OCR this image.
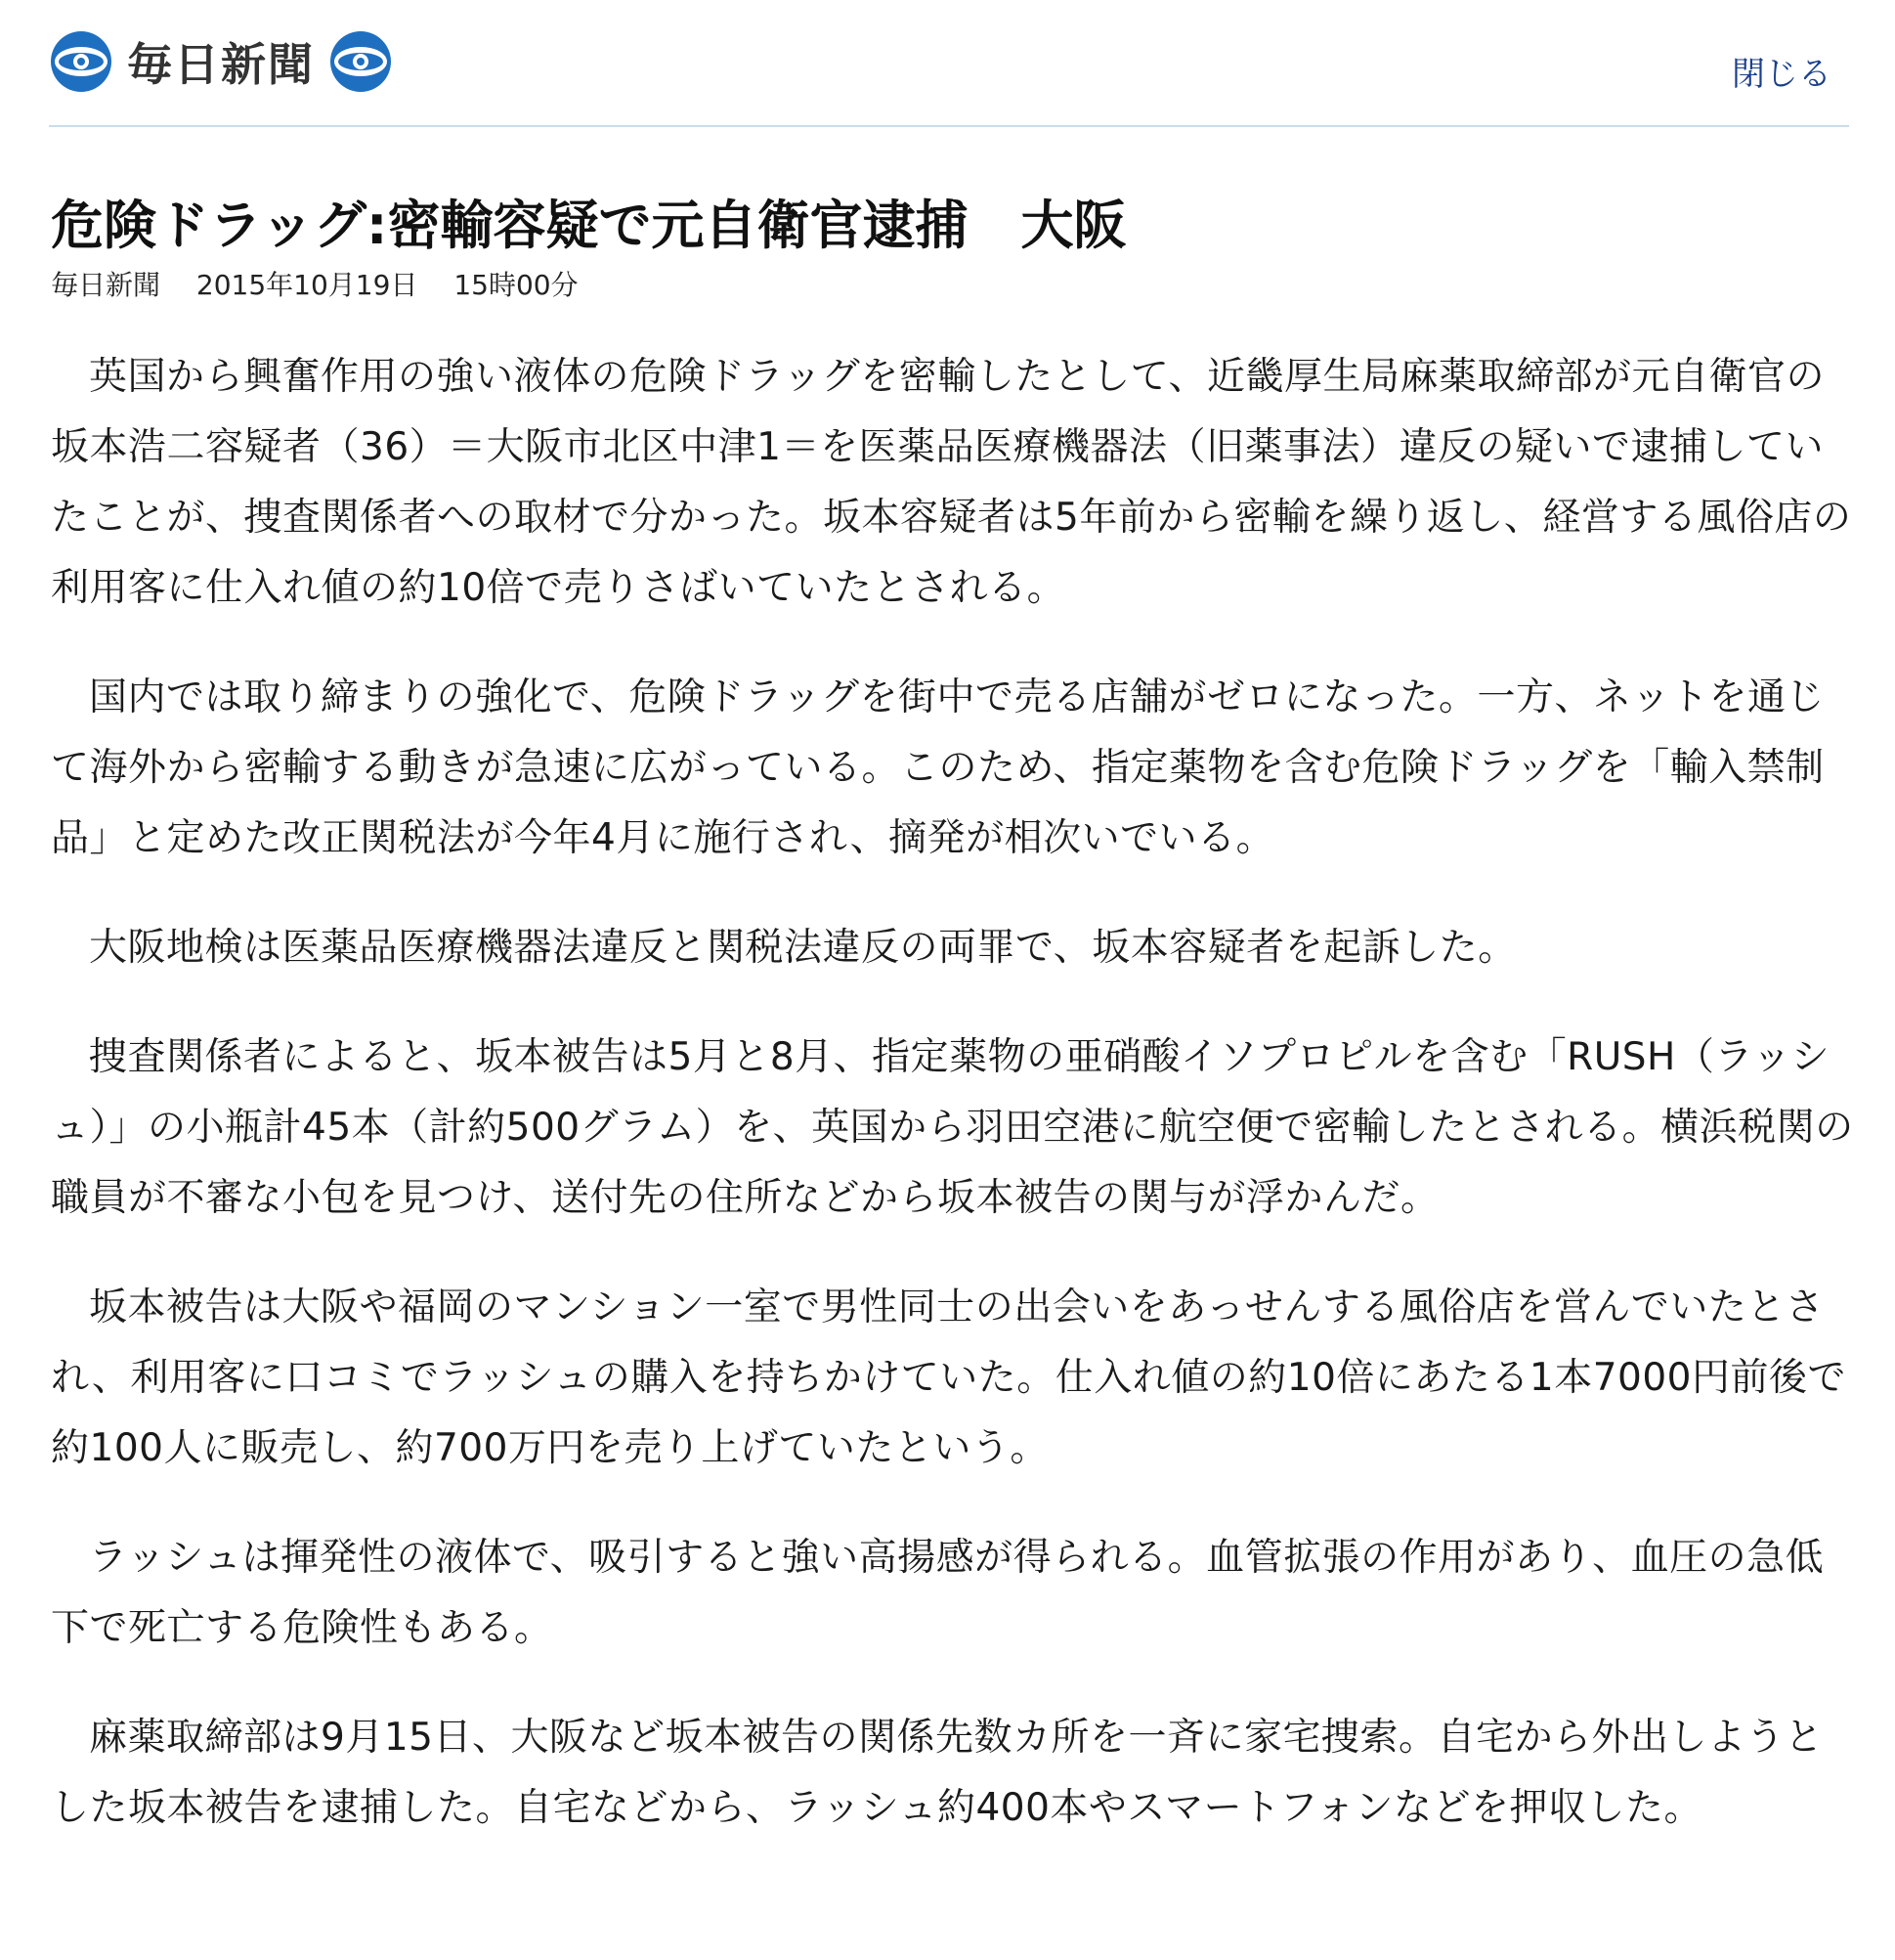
毎日新聞	閉じる
危険ドラッグ:密輸容疑で元自衛官逮捕　大阪
毎日新聞 2015年10月19日 15時00分

英国から興奮作用の強い液体の危険ドラッグを密輸したとして、近畿厚生局麻薬取締部が元自衛官の坂本浩二容疑者（36）＝大阪市北区中津1＝を医薬品医療機器法（旧薬事法）違反の疑いで逮捕していたことが、捜査関係者への取材で分かった。坂本容疑者は5年前から密輸を繰り返し、経営する風俗店の利用客に仕入れ値の約10倍で売りさばいていたとされる。

国内では取り締まりの強化で、危険ドラッグを街中で売る店舗がゼロになった。一方、ネットを通じて海外から密輸する動きが急速に広がっている。このため、指定薬物を含む危険ドラッグを「輸入禁制品」と定めた改正関税法が今年4月に施行され、摘発が相次いでいる。

大阪地検は医薬品医療機器法違反と関税法違反の両罪で、坂本容疑者を起訴した。

捜査関係者によると、坂本被告は5月と8月、指定薬物の亜硝酸イソプロピルを含む「RUSH（ラッシュ）」の小瓶計45本（計約500グラム）を、英国から羽田空港に航空便で密輸したとされる。横浜税関の職員が不審な小包を見つけ、送付先の住所などから坂本被告の関与が浮かんだ。

坂本被告は大阪や福岡のマンション一室で男性同士の出会いをあっせんする風俗店を営んでいたとされ、利用客に口コミでラッシュの購入を持ちかけていた。仕入れ値の約10倍にあたる1本7000円前後で約100人に販売し、約700万円を売り上げていたという。

ラッシュは揮発性の液体で、吸引すると強い高揚感が得られる。血管拡張の作用があり、血圧の急低下で死亡する危険性もある。

麻薬取締部は9月15日、大阪など坂本被告の関係先数カ所を一斉に家宅捜索。自宅から外出しようとした坂本被告を逮捕した。自宅などから、ラッシュ約400本やスマートフォンなどを押収した。
